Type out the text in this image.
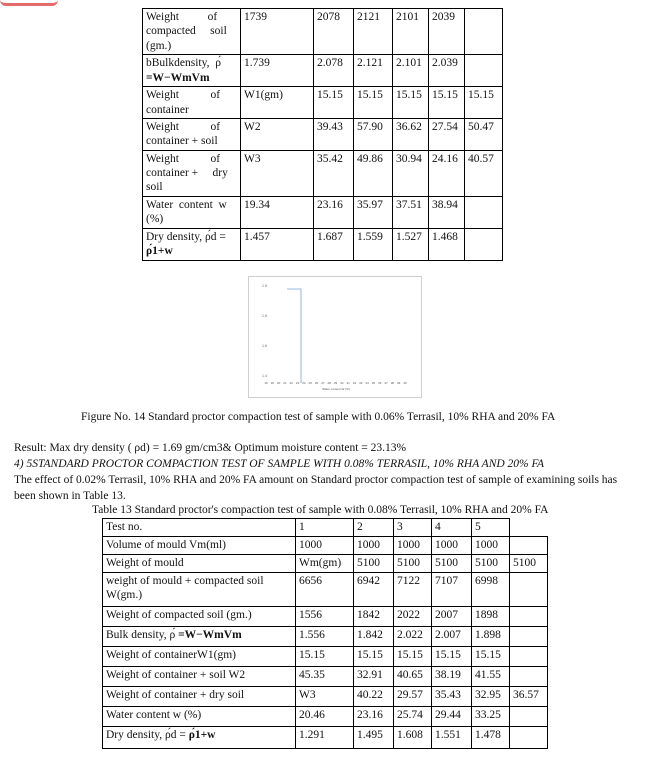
Weight          of
compacted     soil
(gm.)	1739	2078	2121	2101	2039	
bBulkdensity,  ρ́
=W−WmVm	1.739	2.078	2.121	2.101	2.039	
Weight           of
container	W1(gm)	15.15	15.15	15.15	15.15	15.15
Weight           of
container + soil	W2	39.43	57.90	36.62	27.54	50.47
Weight           of
container +     dry
soil	W3	35.42	49.86	30.94	24.16	40.57
Water  content  w
(%)	19.34	23.16	35.97	37.51	38.94	
Dry density, ρ́d =
ρ́1+w	1.457	1.687	1.559	1.527	1.468	
1.5
1.6
1.6
1.4
16 18 20 21 22 23 24 25 26 27 28 29 30 31 32 33 34 35 36 37 38 39 40
Water content W (%)
Figure No. 14 Standard proctor compaction test of sample with 0.06% Terrasil, 10% RHA and 20% FA
Result: Max dry density ( ρd) = 1.69 gm/cm3& Optimum moisture content = 23.13%
4) 5STANDARD PROCTOR COMPACTION TEST OF SAMPLE WITH 0.08% TERRASIL, 10% RHA AND 20% FA
The effect of 0.02% Terrasil, 10% RHA and 20% FA amount on Standard proctor compaction test of sample of examining soils has
been shown in Table 13.
Table 13 Standard proctor's compaction test of sample with 0.08% Terrasil, 10% RHA and 20% FA
Test no.	1	2	3	4	5	
Volume of mould Vm(ml)	1000	1000	1000	1000	1000	
Weight of mould	Wm(gm)	5100	5100	5100	5100	5100
weight of mould + compacted soil W(gm.)	6656	6942	7122	7107	6998	
Weight of compacted soil (gm.)	1556	1842	2022	2007	1898	
Bulk density, ρ́ =W−WmVm	1.556	1.842	2.022	2.007	1.898	
Weight of containerW1(gm)	15.15	15.15	15.15	15.15	15.15	
Weight of container + soil W2	45.35	32.91	40.65	38.19	41.55	
Weight of container + dry soil	W3	40.22	29.57	35.43	32.95	36.57
Water content w (%)	20.46	23.16	25.74	29.44	33.25	
Dry density, ρ́d = ρ́1+w	1.291	1.495	1.608	1.551	1.478	
